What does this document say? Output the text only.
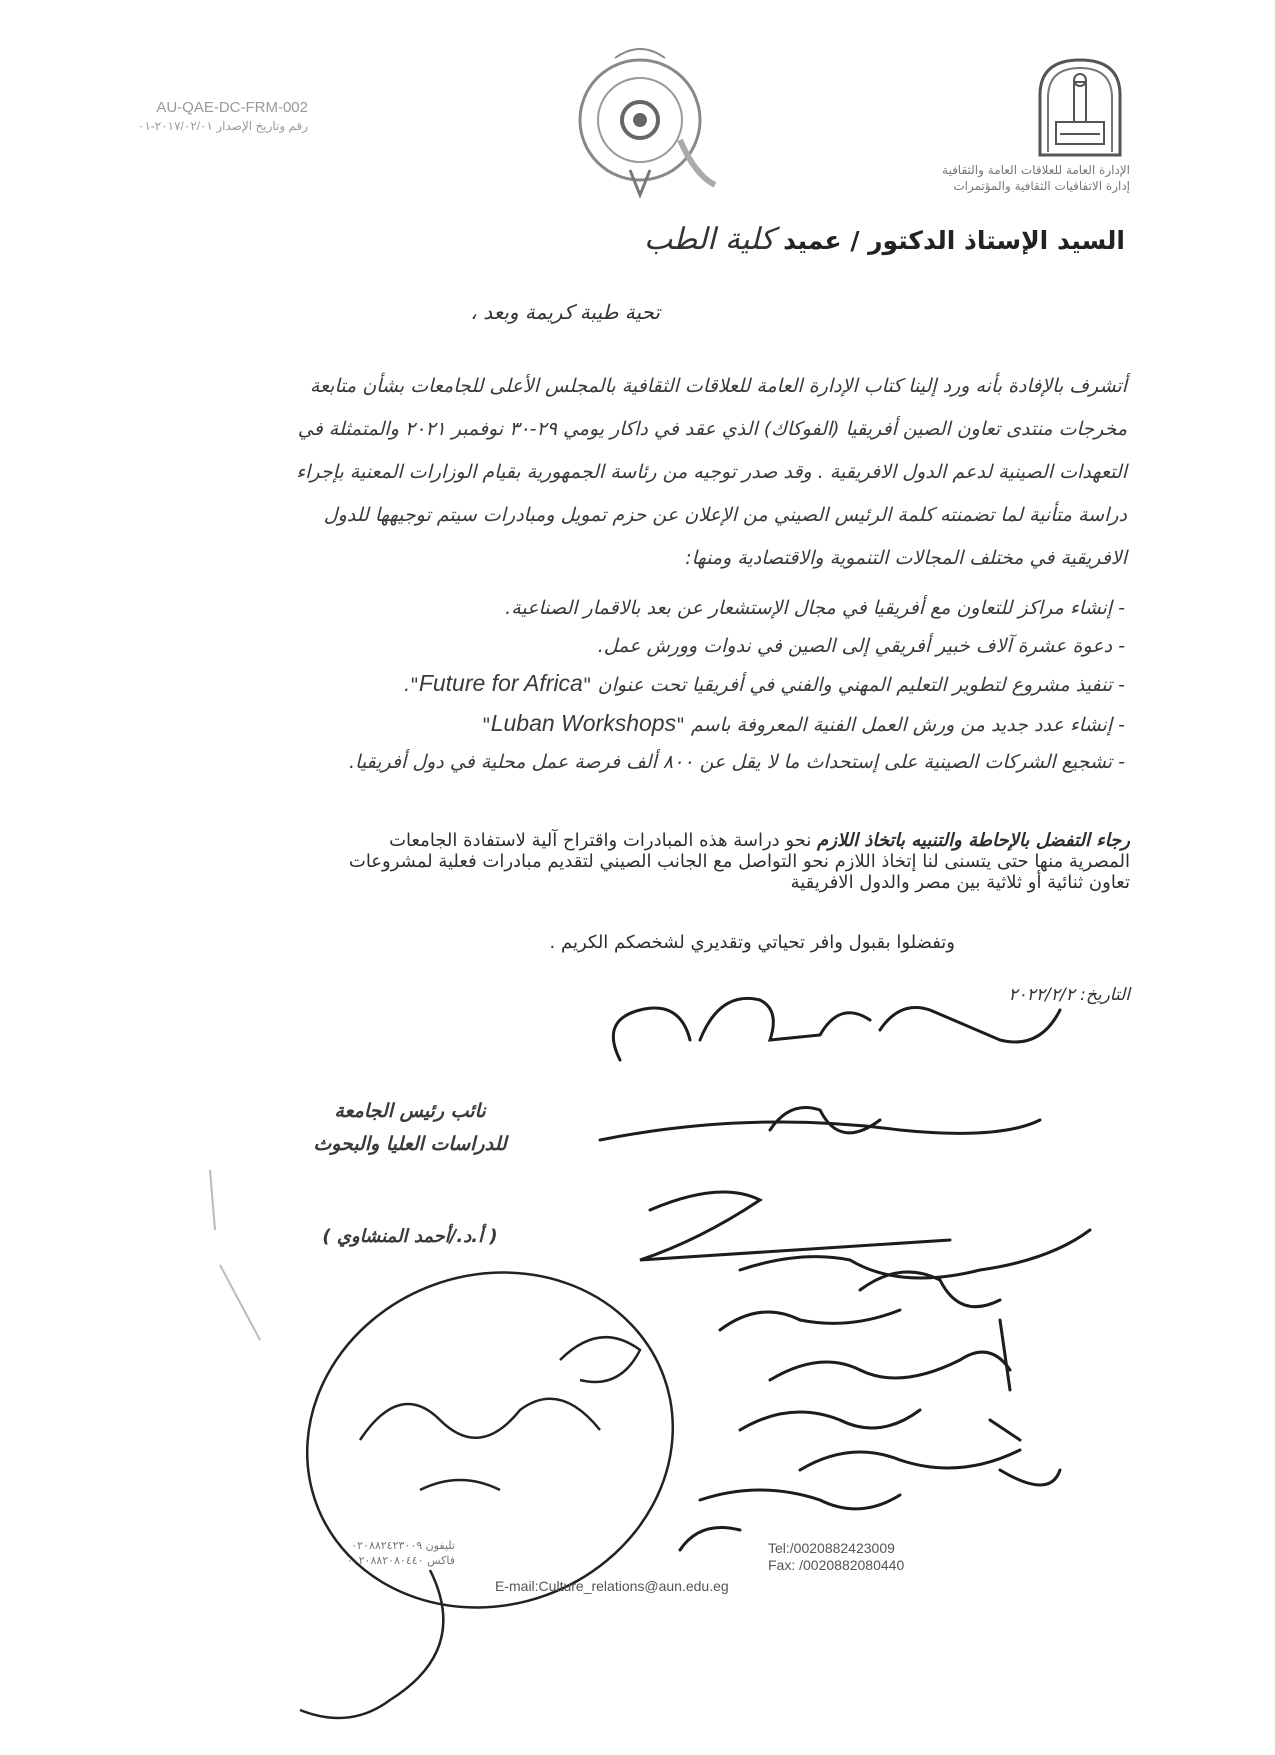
AU-QAE-DC-FRM-002
رقم وتاريخ الإصدار ٢٠١٧/٠٢/٠١-٠١
الإدارة العامة للعلاقات العامة والثقافية
إدارة الاتفاقيات الثقافية والمؤتمرات
السيد الإستاذ الدكتور / عميد كلية الطب
تحية طيبة كريمة وبعد ،
أتشرف بالإفادة بأنه ورد إلينا كتاب الإدارة العامة للعلاقات الثقافية بالمجلس الأعلى للجامعات بشأن متابعة
مخرجات منتدى تعاون الصين أفريقيا (الفوكاك) الذي عقد في داكار يومي ٢٩-٣٠ نوفمبر ٢٠٢١ والمتمثلة في
التعهدات الصينية لدعم الدول الافريقية . وقد صدر توجيه من رئاسة الجمهورية بقيام الوزارات المعنية بإجراء
دراسة متأنية لما تضمنته كلمة الرئيس الصيني من الإعلان عن حزم تمويل ومبادرات سيتم توجيهها للدول
الافريقية في مختلف المجالات التنموية والاقتصادية ومنها:
- إنشاء مراكز للتعاون مع أفريقيا في مجال الإستشعار عن بعد بالاقمار الصناعية.
- دعوة عشرة آلاف خبير أفريقي إلى الصين في ندوات وورش عمل.
- تنفيذ مشروع لتطوير التعليم المهني والفني في أفريقيا تحت عنوان "Future for Africa".
- إنشاء عدد جديد من ورش العمل الفنية المعروفة باسم "Luban Workshops"
- تشجيع الشركات الصينية على إستحداث ما لا يقل عن ٨٠٠ ألف فرصة عمل محلية في دول أفريقيا.
رجاء التفضل بالإحاطة والتنبيه باتخاذ اللازم نحو دراسة هذه المبادرات واقتراح آلية لاستفادة الجامعات
المصرية منها حتى يتسنى لنا إتخاذ اللازم نحو التواصل مع الجانب الصيني لتقديم مبادرات فعلية لمشروعات
تعاون ثنائية أو ثلاثية بين مصر والدول الافريقية
وتفضلوا بقبول وافر تحياتي وتقديري لشخصكم الكريم .
التاريخ: ٢٠٢٢/٢/٢
نائب رئيس الجامعة
للدراسات العليا والبحوث
( أ.د./أحمد المنشاوي )
تليفون ٠٢٠٨٨٢٤٢٣٠٠٩
فاكس ٠٠٢٠٨٨٢٠٨٠٤٤٠
Tel:/0020882423009
Fax: /0020882080440
E-mail:Culture_relations@aun.edu.eg
